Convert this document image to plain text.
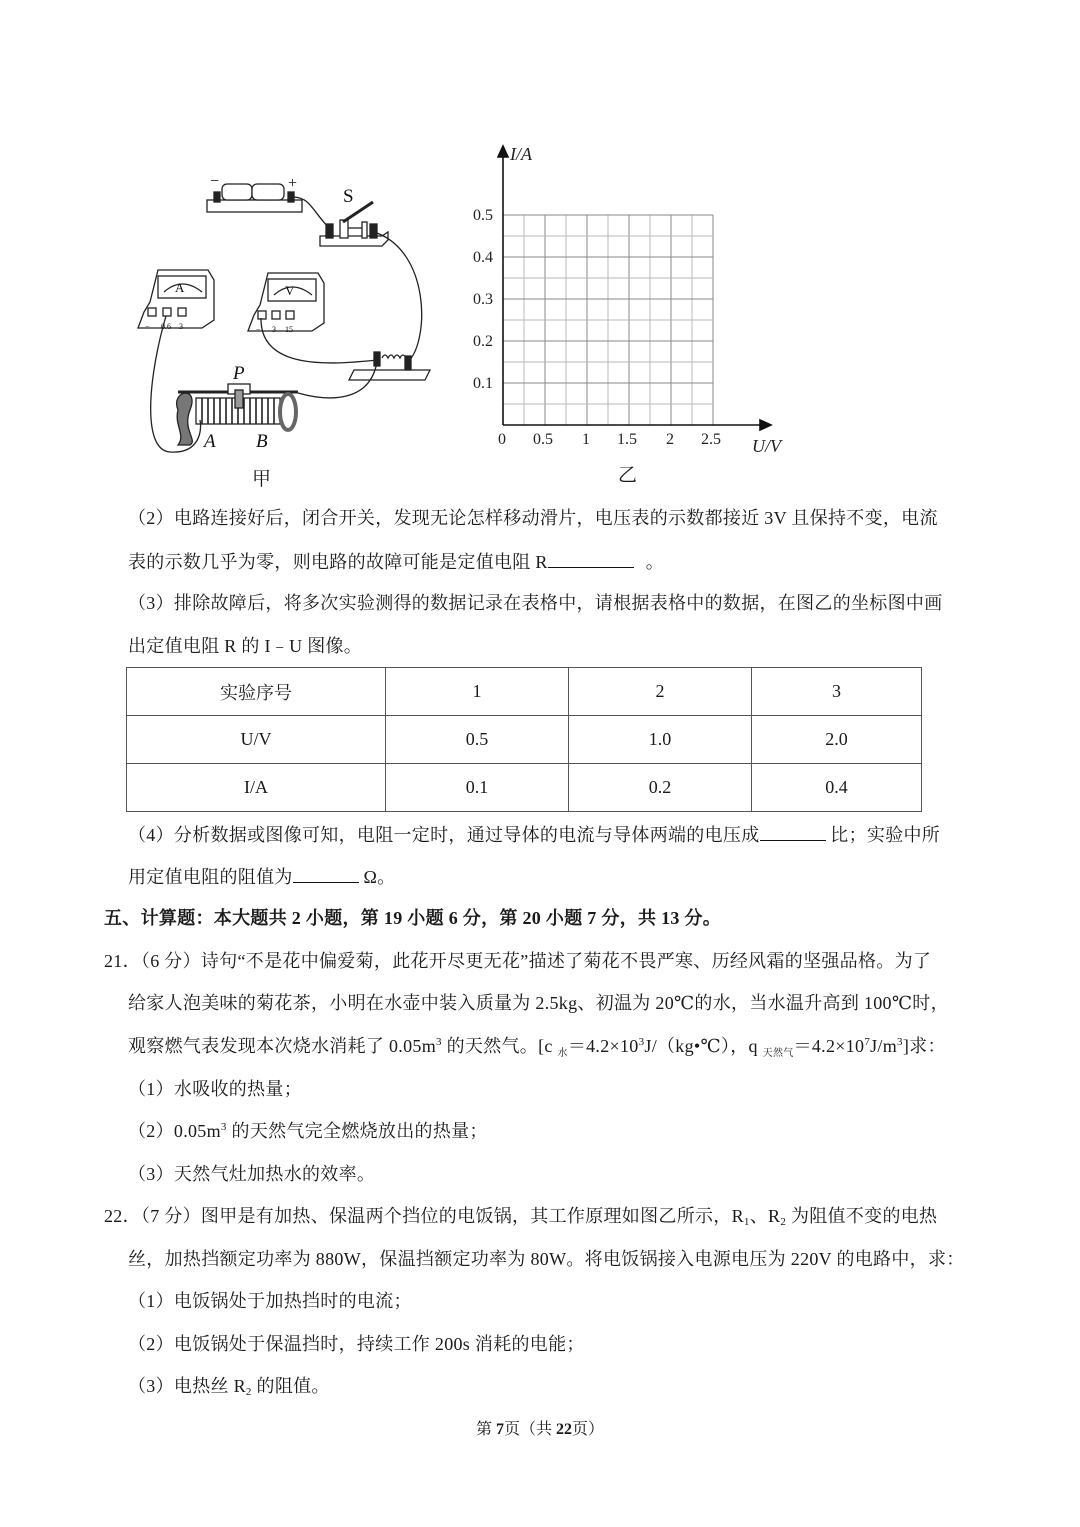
−	+
S
A
− 0.6 3
V
− 3 15
P
A B
甲
I/A
U/V
0
0.1
0.2
0.3
0.4
0.5
0.5 1 1.5 2 2.5
乙
（2）电路连接好后，闭合开关，发现无论怎样移动滑片，电压表的示数都接近 3V 且保持不变，电流
表的示数几乎为零，则电路的故障可能是定值电阻 R	。
（3）排除故障后，将多次实验测得的数据记录在表格中，请根据表格中的数据，在图乙的坐标图中画
出定值电阻 R 的 I﹣U 图像。
实验序号	1	2	3
U/V	0.5	1.0	2.0
I/A	0.1	0.2	0.4
（4）分析数据或图像可知，电阻一定时，通过导体的电流与导体两端的电压成	比；实验中所
用定值电阻的阻值为	Ω。
五、计算题：本大题共 2 小题，第 19 小题 6 分，第 20 小题 7 分，共 13 分。
21．（6 分）诗句“不是花中偏爱菊，此花开尽更无花”描述了菊花不畏严寒、历经风霜的坚强品格。为了
给家人泡美味的菊花茶，小明在水壶中装入质量为 2.5kg、初温为 20℃的水，当水温升高到 100℃时，
观察燃气表发现本次烧水消耗了 $0.05m^3$ 的天然气。[c $_水=4.2\times 10^3J/(kg•℃)$，q $_{天然气}=4.2\times 10^7J/m^3$]求：
（1）水吸收的热量；
$(2)0.05m^3$ 的天然气完全燃烧放出的热量；
（3）天然气灶加热水的效率。
22．（7 分）图甲是有加热、保温两个挡位的电饭锅，其工作原理如图乙所示，$R_1$、$R_2$ 为阻值不变的电热
丝，加热挡额定功率为 880W，保温挡额定功率为 80W。将电饭锅接入电源电压为 220V 的电路中，求：
（1）电饭锅处于加热挡时的电流；
（2）电饭锅处于保温挡时，持续工作 200s 消耗的电能；
（3）电热丝 $R_2$ 的阻值。
第 7页（共 22页）
